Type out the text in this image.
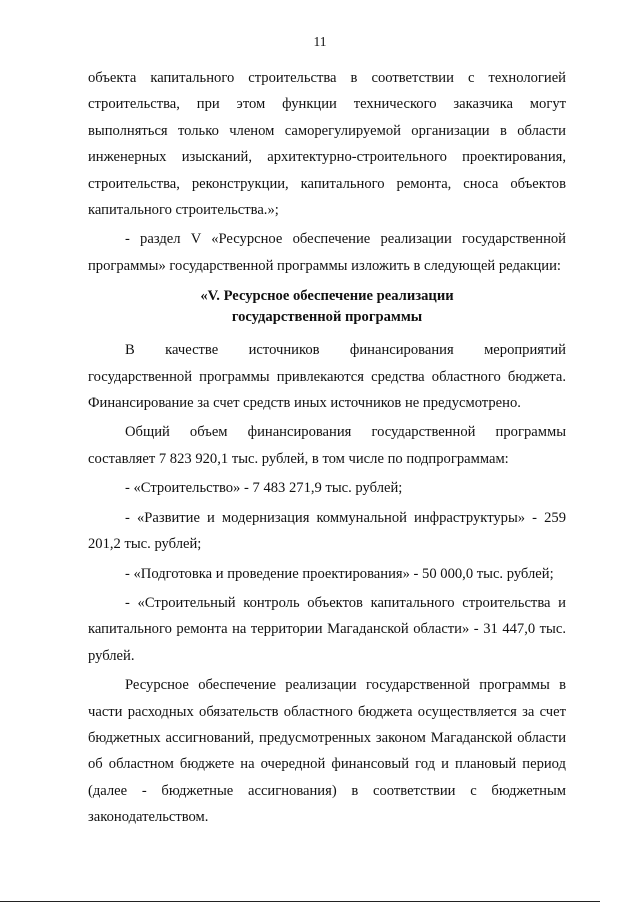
11

объекта капитального строительства в соответствии с технологией строительства, при этом функции технического заказчика могут выполняться только членом саморегулируемой организации в области инженерных изысканий, архитектурно-строительного проектирования, строительства, реконструкции, капитального ремонта, сноса объектов капитального строительства.»;

- раздел V «Ресурсное обеспечение реализации государственной программы» государственной программы изложить в следующей редакции:

«V. Ресурсное обеспечение реализации
государственной программы

В качестве источников финансирования мероприятий государственной программы привлекаются средства областного бюджета. Финансирование за счет средств иных источников не предусмотрено.

Общий объем финансирования государственной программы составляет 7 823 920,1 тыс. рублей, в том числе по подпрограммам:

- «Строительство» - 7 483 271,9 тыс. рублей;

- «Развитие и модернизация коммунальной инфраструктуры» - 259 201,2 тыс. рублей;

- «Подготовка и проведение проектирования» - 50 000,0 тыс. рублей;

- «Строительный контроль объектов капитального строительства и капитального ремонта на территории Магаданской области» - 31 447,0 тыс. рублей.

Ресурсное обеспечение реализации государственной программы в части расходных обязательств областного бюджета осуществляется за счет бюджетных ассигнований, предусмотренных законом Магаданской области об областном бюджете на очередной финансовый год и плановый период (далее - бюджетные ассигнования) в соответствии с бюджетным законодательством.
